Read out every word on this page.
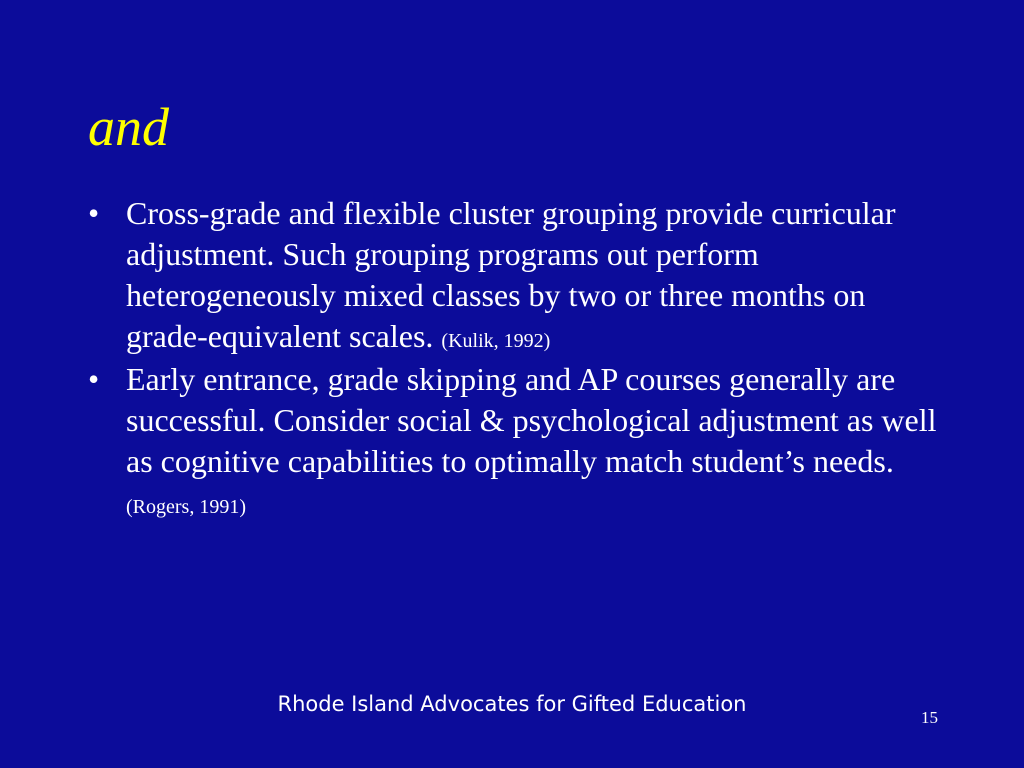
and
• Cross-grade and flexible cluster grouping provide curricular adjustment. Such grouping programs out perform heterogeneously mixed classes by two or three months on grade-equivalent scales. (Kulik, 1992)
• Early entrance, grade skipping and AP courses generally are successful. Consider social & psychological adjustment as well as cognitive capabilities to optimally match student’s needs.
(Rogers, 1991)
Rhode Island Advocates for Gifted Education
15
